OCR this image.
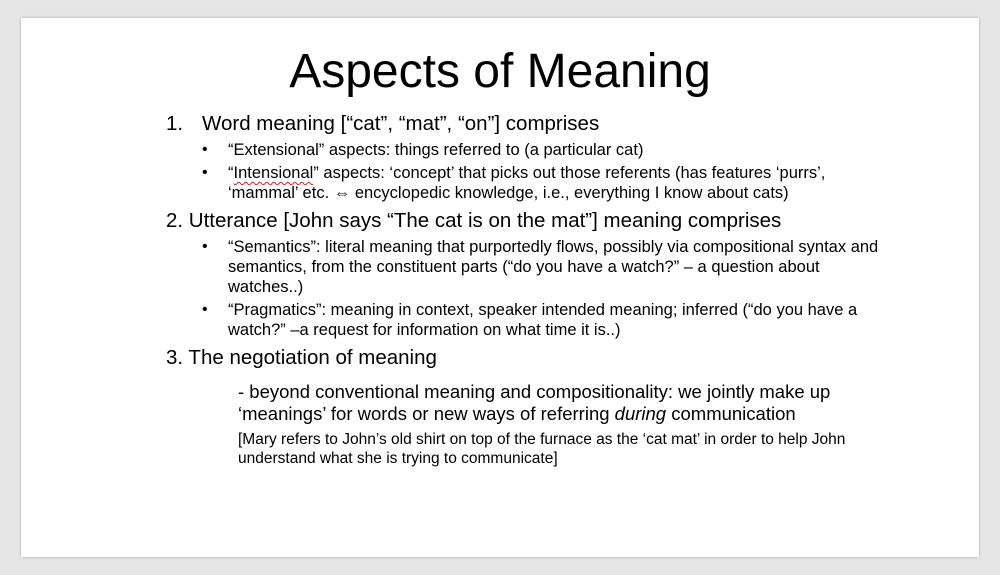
Aspects of Meaning
1. Word meaning [“cat”, “mat”, “on”] comprises
• “Extensional” aspects: things referred to (a particular cat)
• “Intensional” aspects: ‘concept’ that picks out those referents (has features ‘purrs’, ‘mammal’ etc. ⇔ encyclopedic knowledge, i.e., everything I know about cats)
2. Utterance [John says “The cat is on the mat”] meaning comprises
• “Semantics”: literal meaning that purportedly flows, possibly via compositional syntax and semantics, from the constituent parts (“do you have a watch?” – a question about watches..)
• “Pragmatics”: meaning in context, speaker intended meaning; inferred (“do you have a watch?” –a request for information on what time it is..)
3. The negotiation of meaning
- beyond conventional meaning and compositionality: we jointly make up ‘meanings’ for words or new ways of referring during communication
[Mary refers to John’s old shirt on top of the furnace as the ‘cat mat’ in order to help John understand what she is trying to communicate]
